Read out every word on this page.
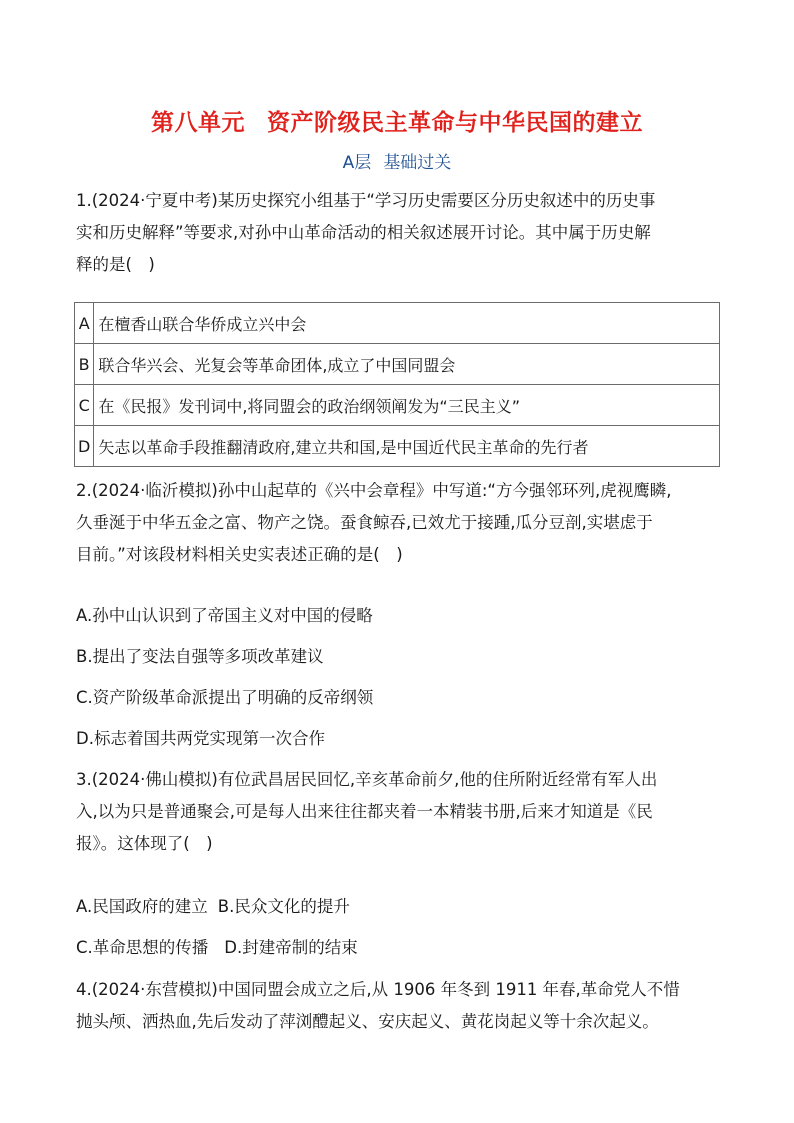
第八单元 资产阶级民主革命与中华民国的建立
A层 基础过关

1.(2024·宁夏中考)某历史探究小组基于“学习历史需要区分历史叙述中的历史事

实和历史解释”等要求,对孙中山革命活动的相关叙述展开讨论。其中属于历史解

释的是(　)

A	在檀香山联合华侨成立兴中会
B	联合华兴会、光复会等革命团体,成立了中国同盟会
C	在《民报》发刊词中,将同盟会的政治纲领阐发为“三民主义”
D	矢志以革命手段推翻清政府,建立共和国,是中国近代民主革命的先行者

2.(2024·临沂模拟)孙中山起草的《兴中会章程》中写道:“方今强邻环列,虎视鹰瞵,

久垂涎于中华五金之富、物产之饶。蚕食鲸吞,已效尤于接踵,瓜分豆剖,实堪虑于

目前。”对该段材料相关史实表述正确的是(　)

A.孙中山认识到了帝国主义对中国的侵略
B.提出了变法自强等多项改革建议
C.资产阶级革命派提出了明确的反帝纲领
D.标志着国共两党实现第一次合作

3.(2024·佛山模拟)有位武昌居民回忆,辛亥革命前夕,他的住所附近经常有军人出

入,以为只是普通聚会,可是每人出来往往都夹着一本精装书册,后来才知道是《民

报》。这体现了(　)

A.民国政府的建立 B.民众文化的提升
C.革命思想的传播 D.封建帝制的结束

4.(2024·东营模拟)中国同盟会成立之后,从 1906 年冬到 1911 年春,革命党人不惜

抛头颅、洒热血,先后发动了萍浏醴起义、安庆起义、黄花岗起义等十余次起义。
